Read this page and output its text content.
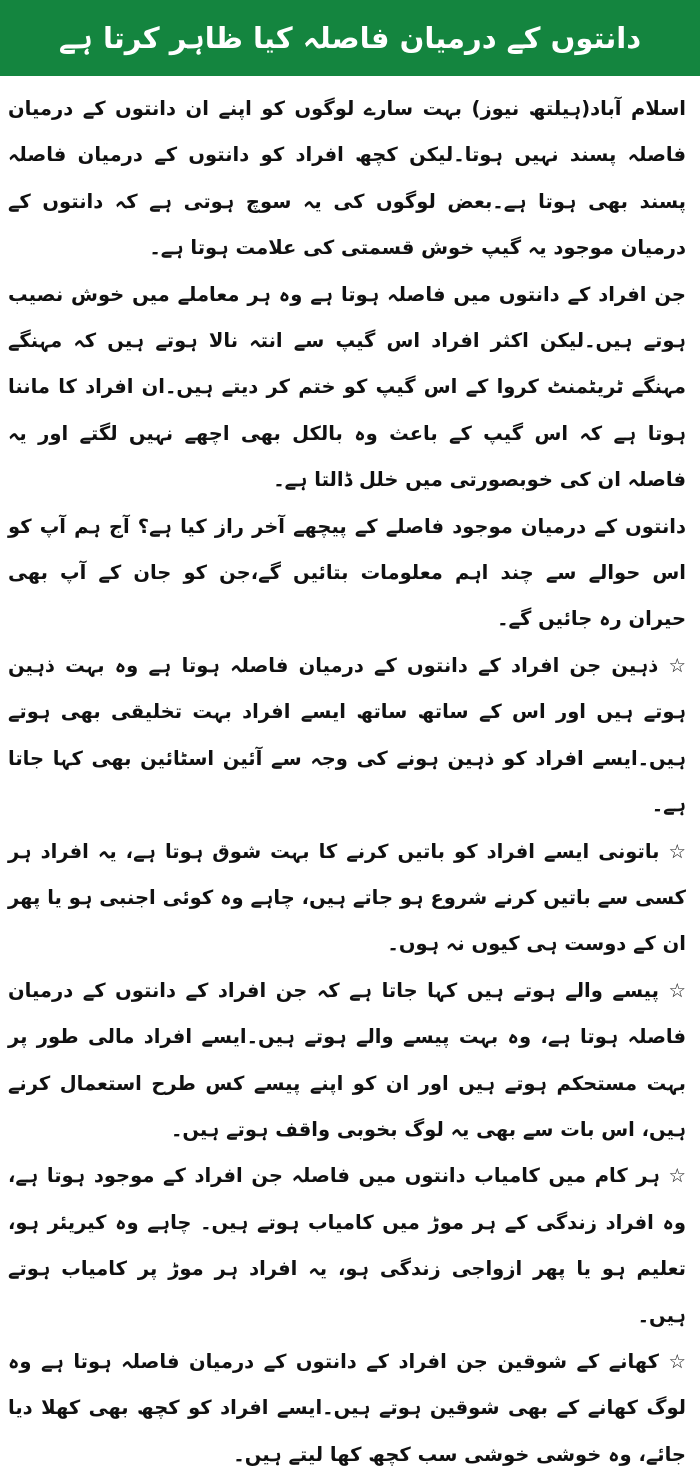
دانتوں کے درمیان فاصلہ کیا ظاہر کرتا ہے

اسلام آباد(ہیلتھ نیوز) بہت سارے لوگوں کو اپنے ان دانتوں کے درمیان فاصلہ پسند نہیں ہوتا۔لیکن کچھ افراد کو دانتوں کے درمیان فاصلہ پسند بھی ہوتا ہے۔بعض لوگوں کی یہ سوچ ہوتی ہے کہ دانتوں کے درمیان موجود یہ گیپ خوش قسمتی کی علامت ہوتا ہے۔

جن افراد کے دانتوں میں فاصلہ ہوتا ہے وہ ہر معاملے میں خوش نصیب ہوتے ہیں۔لیکن اکثر افراد اس گیپ سے انتہ نالا ہوتے ہیں کہ مہنگے مہنگے ٹریٹمنٹ کروا کے اس گیپ کو ختم کر دیتے ہیں۔ان افراد کا ماننا ہوتا ہے کہ اس گیپ کے باعث وہ بالکل بھی اچھے نہیں لگتے اور یہ فاصلہ ان کی خوبصورتی میں خلل ڈالتا ہے۔

دانتوں کے درمیان موجود فاصلے کے پیچھے آخر راز کیا ہے؟ آج ہم آپ کو اس حوالے سے چند اہم معلومات بتائیں گے،جن کو جان کے آپ بھی حیران رہ جائیں گے۔

☆ ذہین جن افراد کے دانتوں کے درمیان فاصلہ ہوتا ہے وہ بہت ذہین ہوتے ہیں اور اس کے ساتھ ساتھ ایسے افراد بہت تخلیقی بھی ہوتے ہیں۔ایسے افراد کو ذہین ہونے کی وجہ سے آئین اسٹائین بھی کہا جاتا ہے۔

☆ باتونی ایسے افراد کو باتیں کرنے کا بہت شوق ہوتا ہے، یہ افراد ہر کسی سے باتیں کرنے شروع ہو جاتے ہیں، چاہے وہ کوئی اجنبی ہو یا پھر ان کے دوست ہی کیوں نہ ہوں۔

☆ پیسے والے ہوتے ہیں کہا جاتا ہے کہ جن افراد کے دانتوں کے درمیان فاصلہ ہوتا ہے، وہ بہت پیسے والے ہوتے ہیں۔ایسے افراد مالی طور پر بہت مستحکم ہوتے ہیں اور ان کو اپنے پیسے کس طرح استعمال کرنے ہیں، اس بات سے بھی یہ لوگ بخوبی واقف ہوتے ہیں۔

☆ ہر کام میں کامیاب دانتوں میں فاصلہ جن افراد کے موجود ہوتا ہے، وہ افراد زندگی کے ہر موڑ میں کامیاب ہوتے ہیں۔ چاہے وہ کیریئر ہو، تعلیم ہو یا پھر ازواجی زندگی ہو، یہ افراد ہر موڑ پر کامیاب ہوتے ہیں۔

☆ کھانے کے شوقین جن افراد کے دانتوں کے درمیان فاصلہ ہوتا ہے وہ لوگ کھانے کے بھی شوقین ہوتے ہیں۔ایسے افراد کو کچھ بھی کھلا دیا جائے، وہ خوشی خوشی سب کچھ کھا لیتے ہیں۔
